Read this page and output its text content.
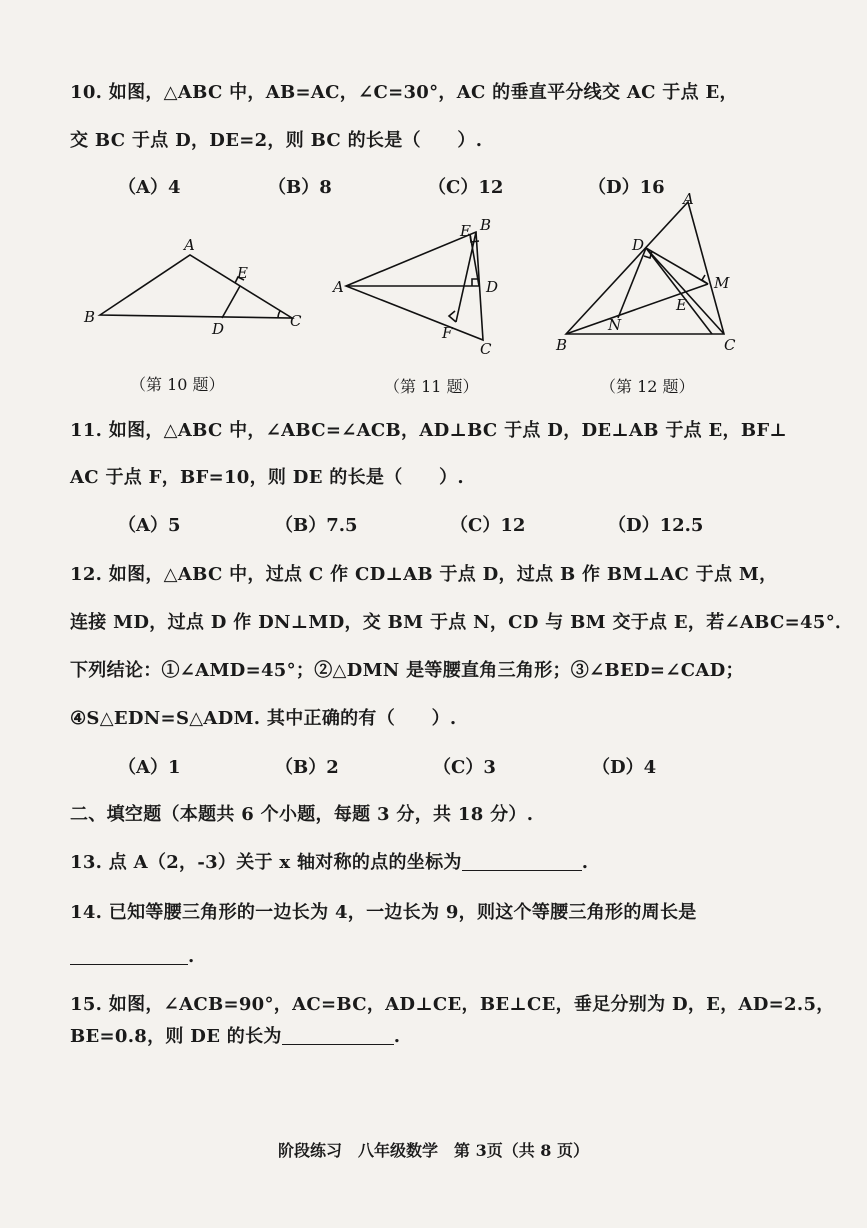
10. 如图，△ABC 中，AB=AC，∠C=30°，AC 的垂直平分线交 AC 于点 E，
交 BC 于点 D，DE=2，则 BC 的长是（　　）.
（A）4	（B）8	（C）12	（D）16
A
B	C
D
E
（第 10 题）
A
B
C
D
E
F
（第 11 题）
A
B	C
D
E
M
N
（第 12 题）
11. 如图，△ABC 中，∠ABC=∠ACB，AD⊥BC 于点 D，DE⊥AB 于点 E，BF⊥
AC 于点 F，BF=10，则 DE 的长是（　　）.
（A）5	（B）7.5	（C）12	（D）12.5
12. 如图，△ABC 中，过点 C 作 CD⊥AB 于点 D，过点 B 作 BM⊥AC 于点 M，
连接 MD，过点 D 作 DN⊥MD，交 BM 于点 N，CD 与 BM 交于点 E，若∠ABC=45°．
下列结论：①∠AMD=45°；②△DMN 是等腰直角三角形；③∠BED=∠CAD；
④S△EDN=S△ADM. 其中正确的有（　　）.
（A）1	（B）2	（C）3	（D）4
二、填空题（本题共 6 个小题，每题 3 分，共 18 分）.
13. 点 A（2，-3）关于 x 轴对称的点的坐标为	.
14. 已知等腰三角形的一边长为 4，一边长为 9，则这个等腰三角形的周长是
.
15. 如图，∠ACB=90°，AC=BC，AD⊥CE，BE⊥CE，垂足分别为 D，E，AD=2.5，
BE=0.8，则 DE 的长为	.
阶段练习　八年级数学　第 3页（共 8 页）
